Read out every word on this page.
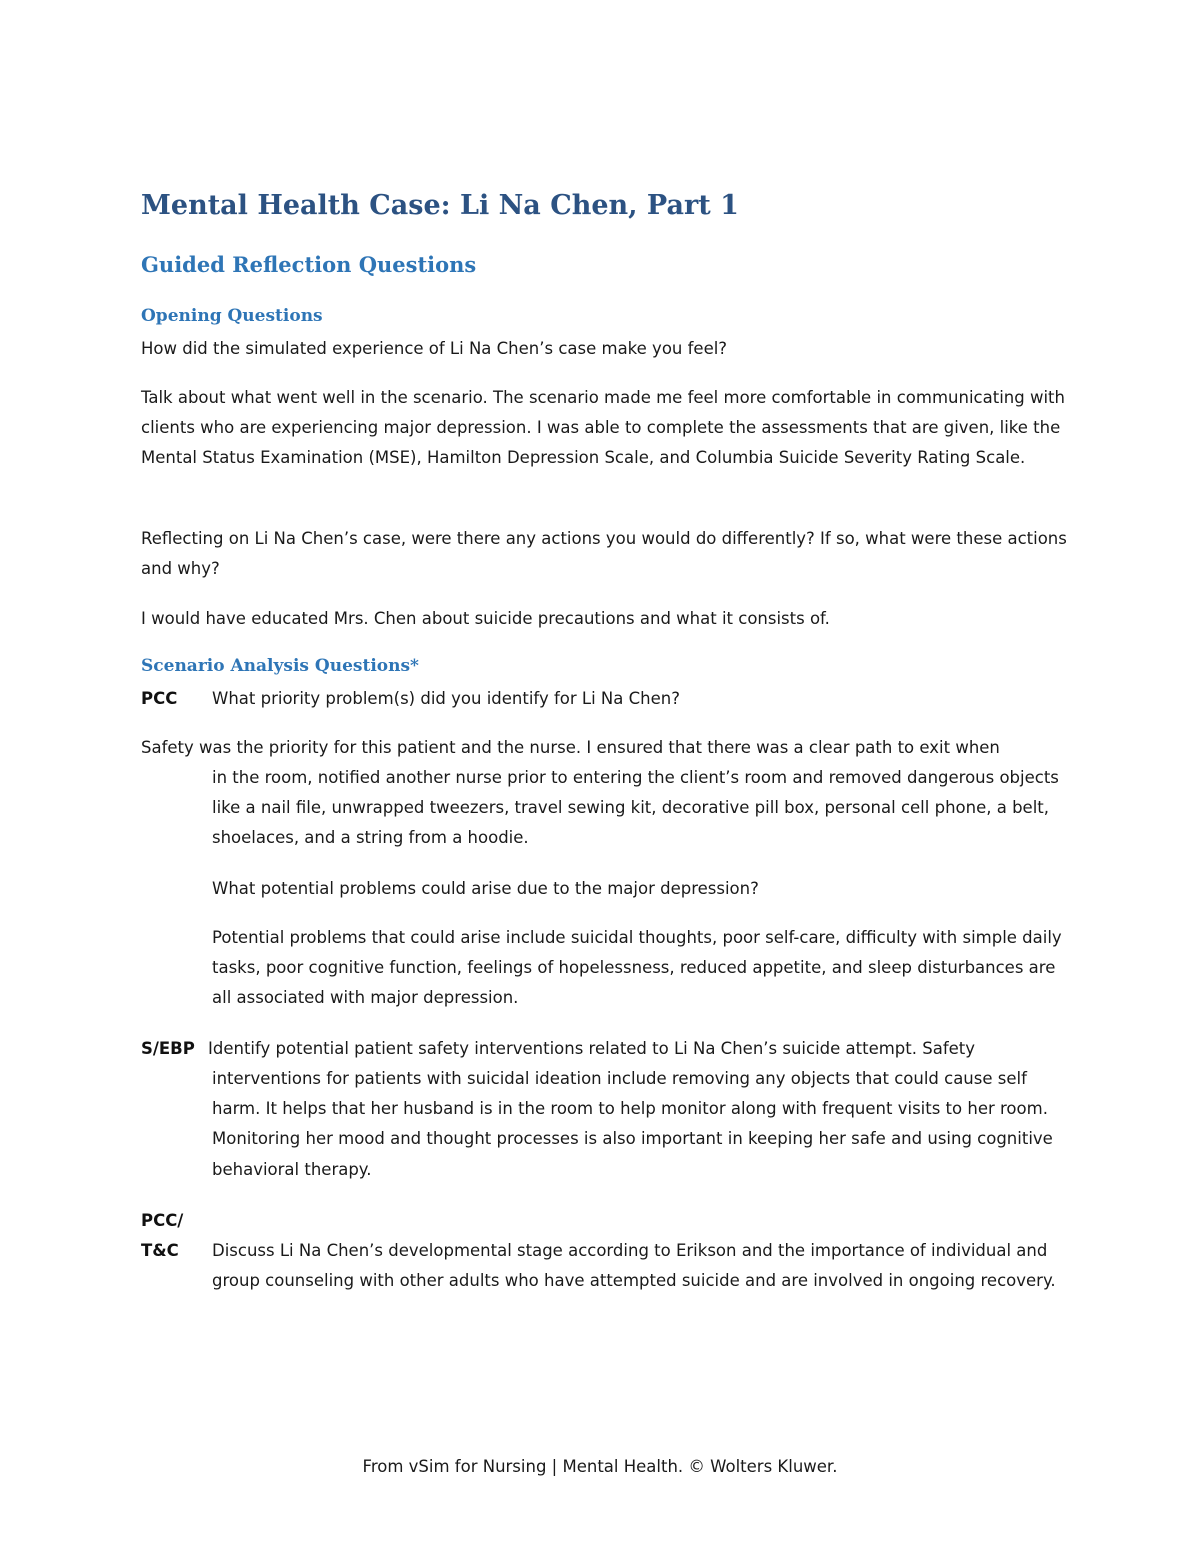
Mental Health Case: Li Na Chen, Part 1
Guided Reflection Questions
Opening Questions

How did the simulated experience of Li Na Chen’s case make you feel?

Talk about what went well in the scenario. The scenario made me feel more comfortable in communicating with clients who are experiencing major depression. I was able to complete the assessments that are given, like the Mental Status Examination (MSE), Hamilton Depression Scale, and Columbia Suicide Severity Rating Scale.

Reflecting on Li Na Chen’s case, were there any actions you would do differently? If so, what were these actions and why?

I would have educated Mrs. Chen about suicide precautions and what it consists of.

Scenario Analysis Questions*
PCC What priority problem(s) did you identify for Li Na Chen?

Safety was the priority for this patient and the nurse. I ensured that there was a clear path to exit when

in the room, notified another nurse prior to entering the client’s room and removed dangerous objects like a nail file, unwrapped tweezers, travel sewing kit, decorative pill box, personal cell phone, a belt, shoelaces, and a string from a hoodie.

What potential problems could arise due to the major depression?

Potential problems that could arise include suicidal thoughts, poor self-care, difficulty with simple daily tasks, poor cognitive function, feelings of hopelessness, reduced appetite, and sleep disturbances are all associated with major depression.

S/EBP Identify potential patient safety interventions related to Li Na Chen’s suicide attempt. Safety

interventions for patients with suicidal ideation include removing any objects that could cause self harm. It helps that her husband is in the room to help monitor along with frequent visits to her room. Monitoring her mood and thought processes is also important in keeping her safe and using cognitive behavioral therapy.

PCC/
T&C Discuss Li Na Chen’s developmental stage according to Erikson and the importance of individual and group counseling with other adults who have attempted suicide and are involved in ongoing recovery.

From vSim for Nursing | Mental Health. © Wolters Kluwer.
